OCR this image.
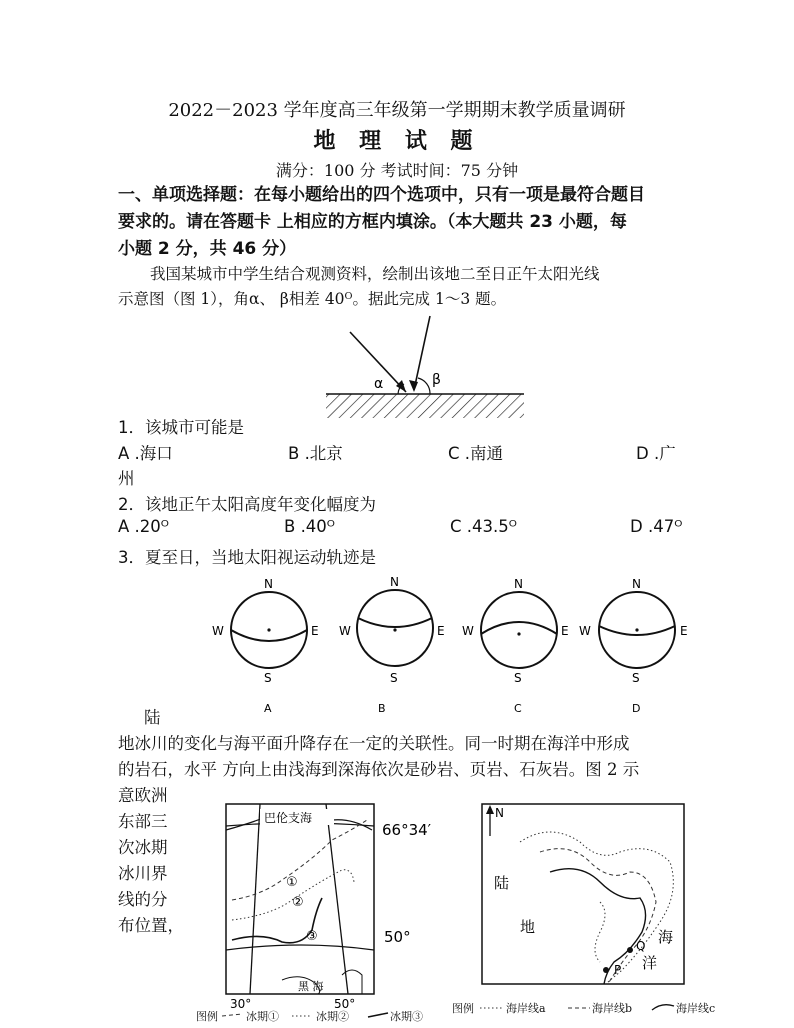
2022－2023 学年度高三年级第一学期期末教学质量调研
地 理 试 题
满分：100 分 考试时间：75 分钟
一、单项选择题：在每小题给出的四个选项中，只有一项是最符合题目
要求的。请在答题卡 上相应的方框内填涂。（本大题共 23 小题，每
小题 2 分，共 46 分）
我国某城市中学生结合观测资料，绘制出该地二至日正午太阳光线
示意图（图 1），角α、 β相差 40ᴼ。据此完成 1～3 题。
α	β
1．该城市可能是
A .海口	B .北京	C .南通	D .广
州
2．该地正午太阳高度年变化幅度为
A .20ᴼ	B .40ᴼ	C .43.5ᴼ	D .47ᴼ
3．夏至日，当地太阳视运动轨迹是
N
S
W	E
A
N
S
W	E
B
N
S
W	E
C
N
S
W	E
D
陆
地冰川的变化与海平面升降存在一定的关联性。同一时期在海洋中形成
的岩石，水平 方向上由浅海到深海依次是砂岩、页岩、石灰岩。图 2 示
意欧洲
东部三
次冰期
冰川界
线的分
布位置，
巴伦支海
66°34′
50°
①
②
③
黑 海
30°	50°
图例	冰期①	冰期②	冰期③
N
陆
地
海
洋
P
Q
图例	海岸线a	海岸线b	海岸线c
